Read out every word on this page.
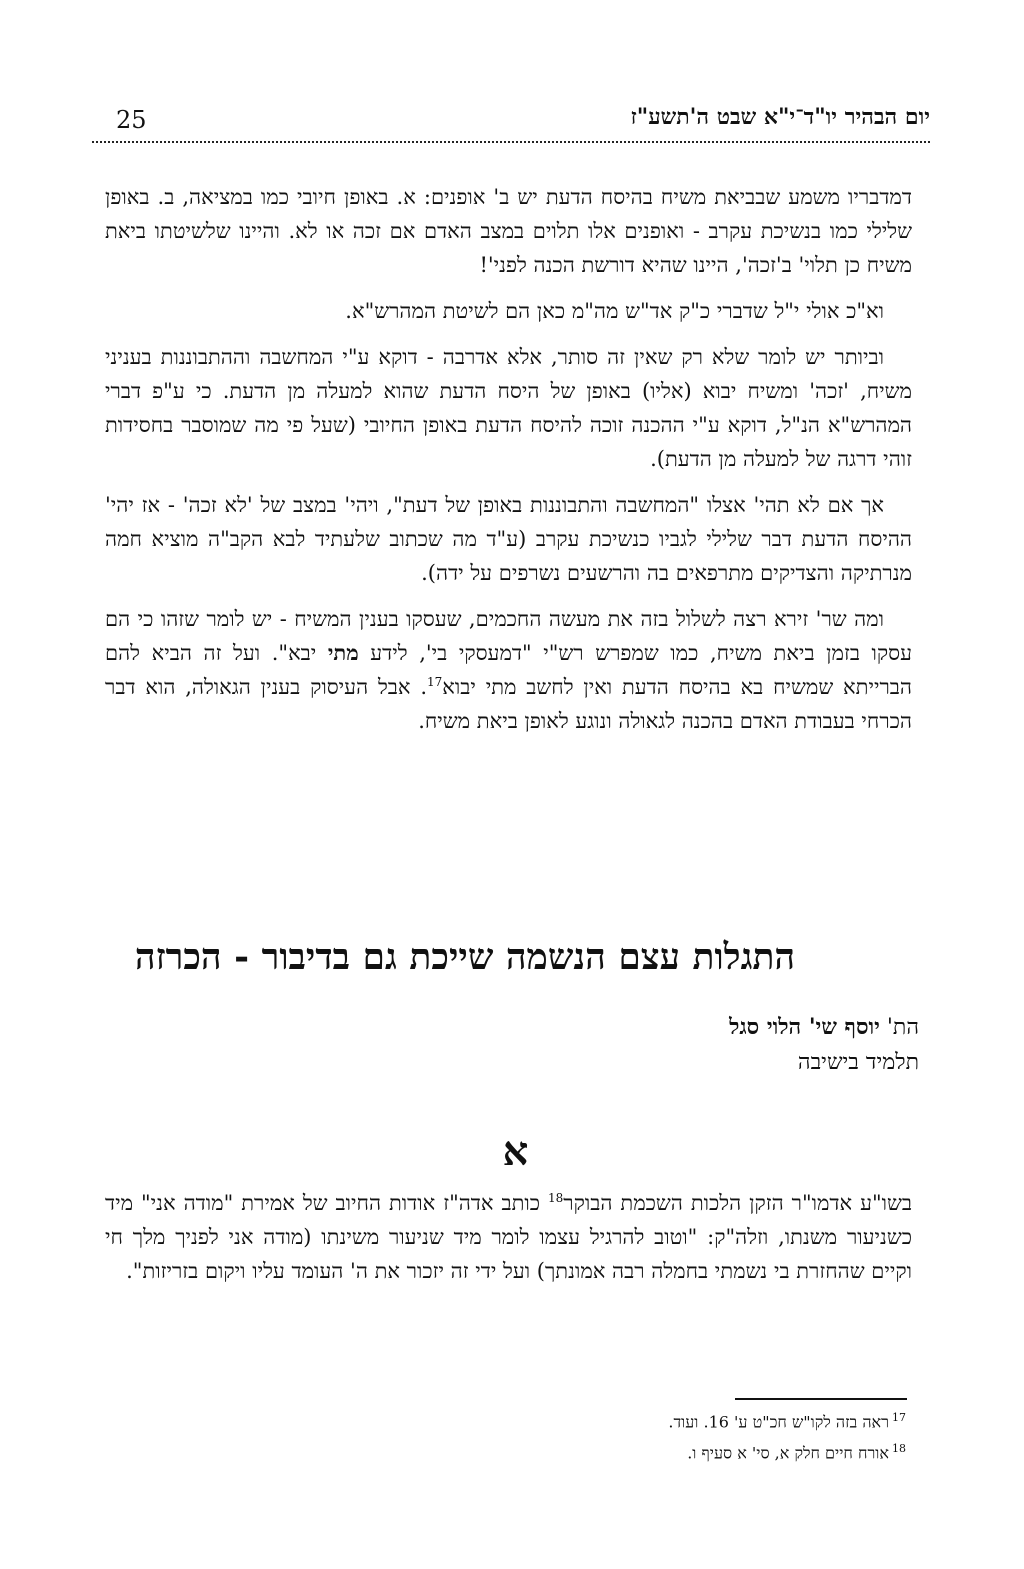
25	יום הבהיר יו"ד־י"א שבט ה'תשע"ז

דמדבריו משמע שבביאת משיח בהיסח הדעת יש ב' אופנים: א. באופן חיובי כמו במציאה, ב. באופן שלילי כמו בנשיכת עקרב - ואופנים אלו תלוים במצב האדם אם זכה או לא. והיינו שלשיטתו ביאת משיח כן תלוי' ב'זכה', היינו שהיא דורשת הכנה לפני'!

וא"כ אולי י"ל שדברי כ"ק אד"ש מה"מ כאן הם לשיטת המהרש"א.

וביותר יש לומר שלא רק שאין זה סותר, אלא אדרבה - דוקא ע"י המחשבה וההתבוננות בעניני משיח, 'זכה' ומשיח יבוא (אליו) באופן של היסח הדעת שהוא למעלה מן הדעת. כי ע"פ דברי המהרש"א הנ"ל, דוקא ע"י ההכנה זוכה להיסח הדעת באופן החיובי (שעל פי מה שמוסבר בחסידות זוהי דרגה של למעלה מן הדעת).

אך אם לא תהי' אצלו "המחשבה והתבוננות באופן של דעת", ויהי' במצב של 'לא זכה' - אז יהי' ההיסח הדעת דבר שלילי לגביו כנשיכת עקרב (ע"ד מה שכתוב שלעתיד לבא הקב"ה מוציא חמה מנרתיקה והצדיקים מתרפאים בה והרשעים נשרפים על ידה).

ומה שר' זירא רצה לשלול בזה את מעשה החכמים, שעסקו בענין המשיח - יש לומר שזהו כי הם עסקו בזמן ביאת משיח, כמו שמפרש רש"י "דמעסקי בי', לידע מתי יבא". ועל זה הביא להם הברייתא שמשיח בא בהיסח הדעת ואין לחשב מתי יבוא$^{17}$. אבל העיסוק בענין הגאולה, הוא דבר הכרחי בעבודת האדם בהכנה לגאולה ונוגע לאופן ביאת משיח.

התגלות עצם הנשמה שייכת גם בדיבור - הכרזה
הת' יוסף שי' הלוי סגל
תלמיד בישיבה
א

בשו"ע אדמו"ר הזקן הלכות השכמת הבוקר$^{18}$ כותב אדה"ז אודות החיוב של אמירת "מודה אני" מיד כשניעור משנתו, וזלה"ק: "וטוב להרגיל עצמו לומר מיד שניעור משינתו (מודה אני לפניך מלך חי וקיים שהחזרת בי נשמתי בחמלה רבה אמונתך) ועל ידי זה יזכור את ה' העומד עליו ויקום בזריזות".

$^{17}$ראה בזה לקו"ש חכ"ט ע' 16. ועוד.
$^{18}$אורח חיים חלק א, סי' א סעיף ו.
